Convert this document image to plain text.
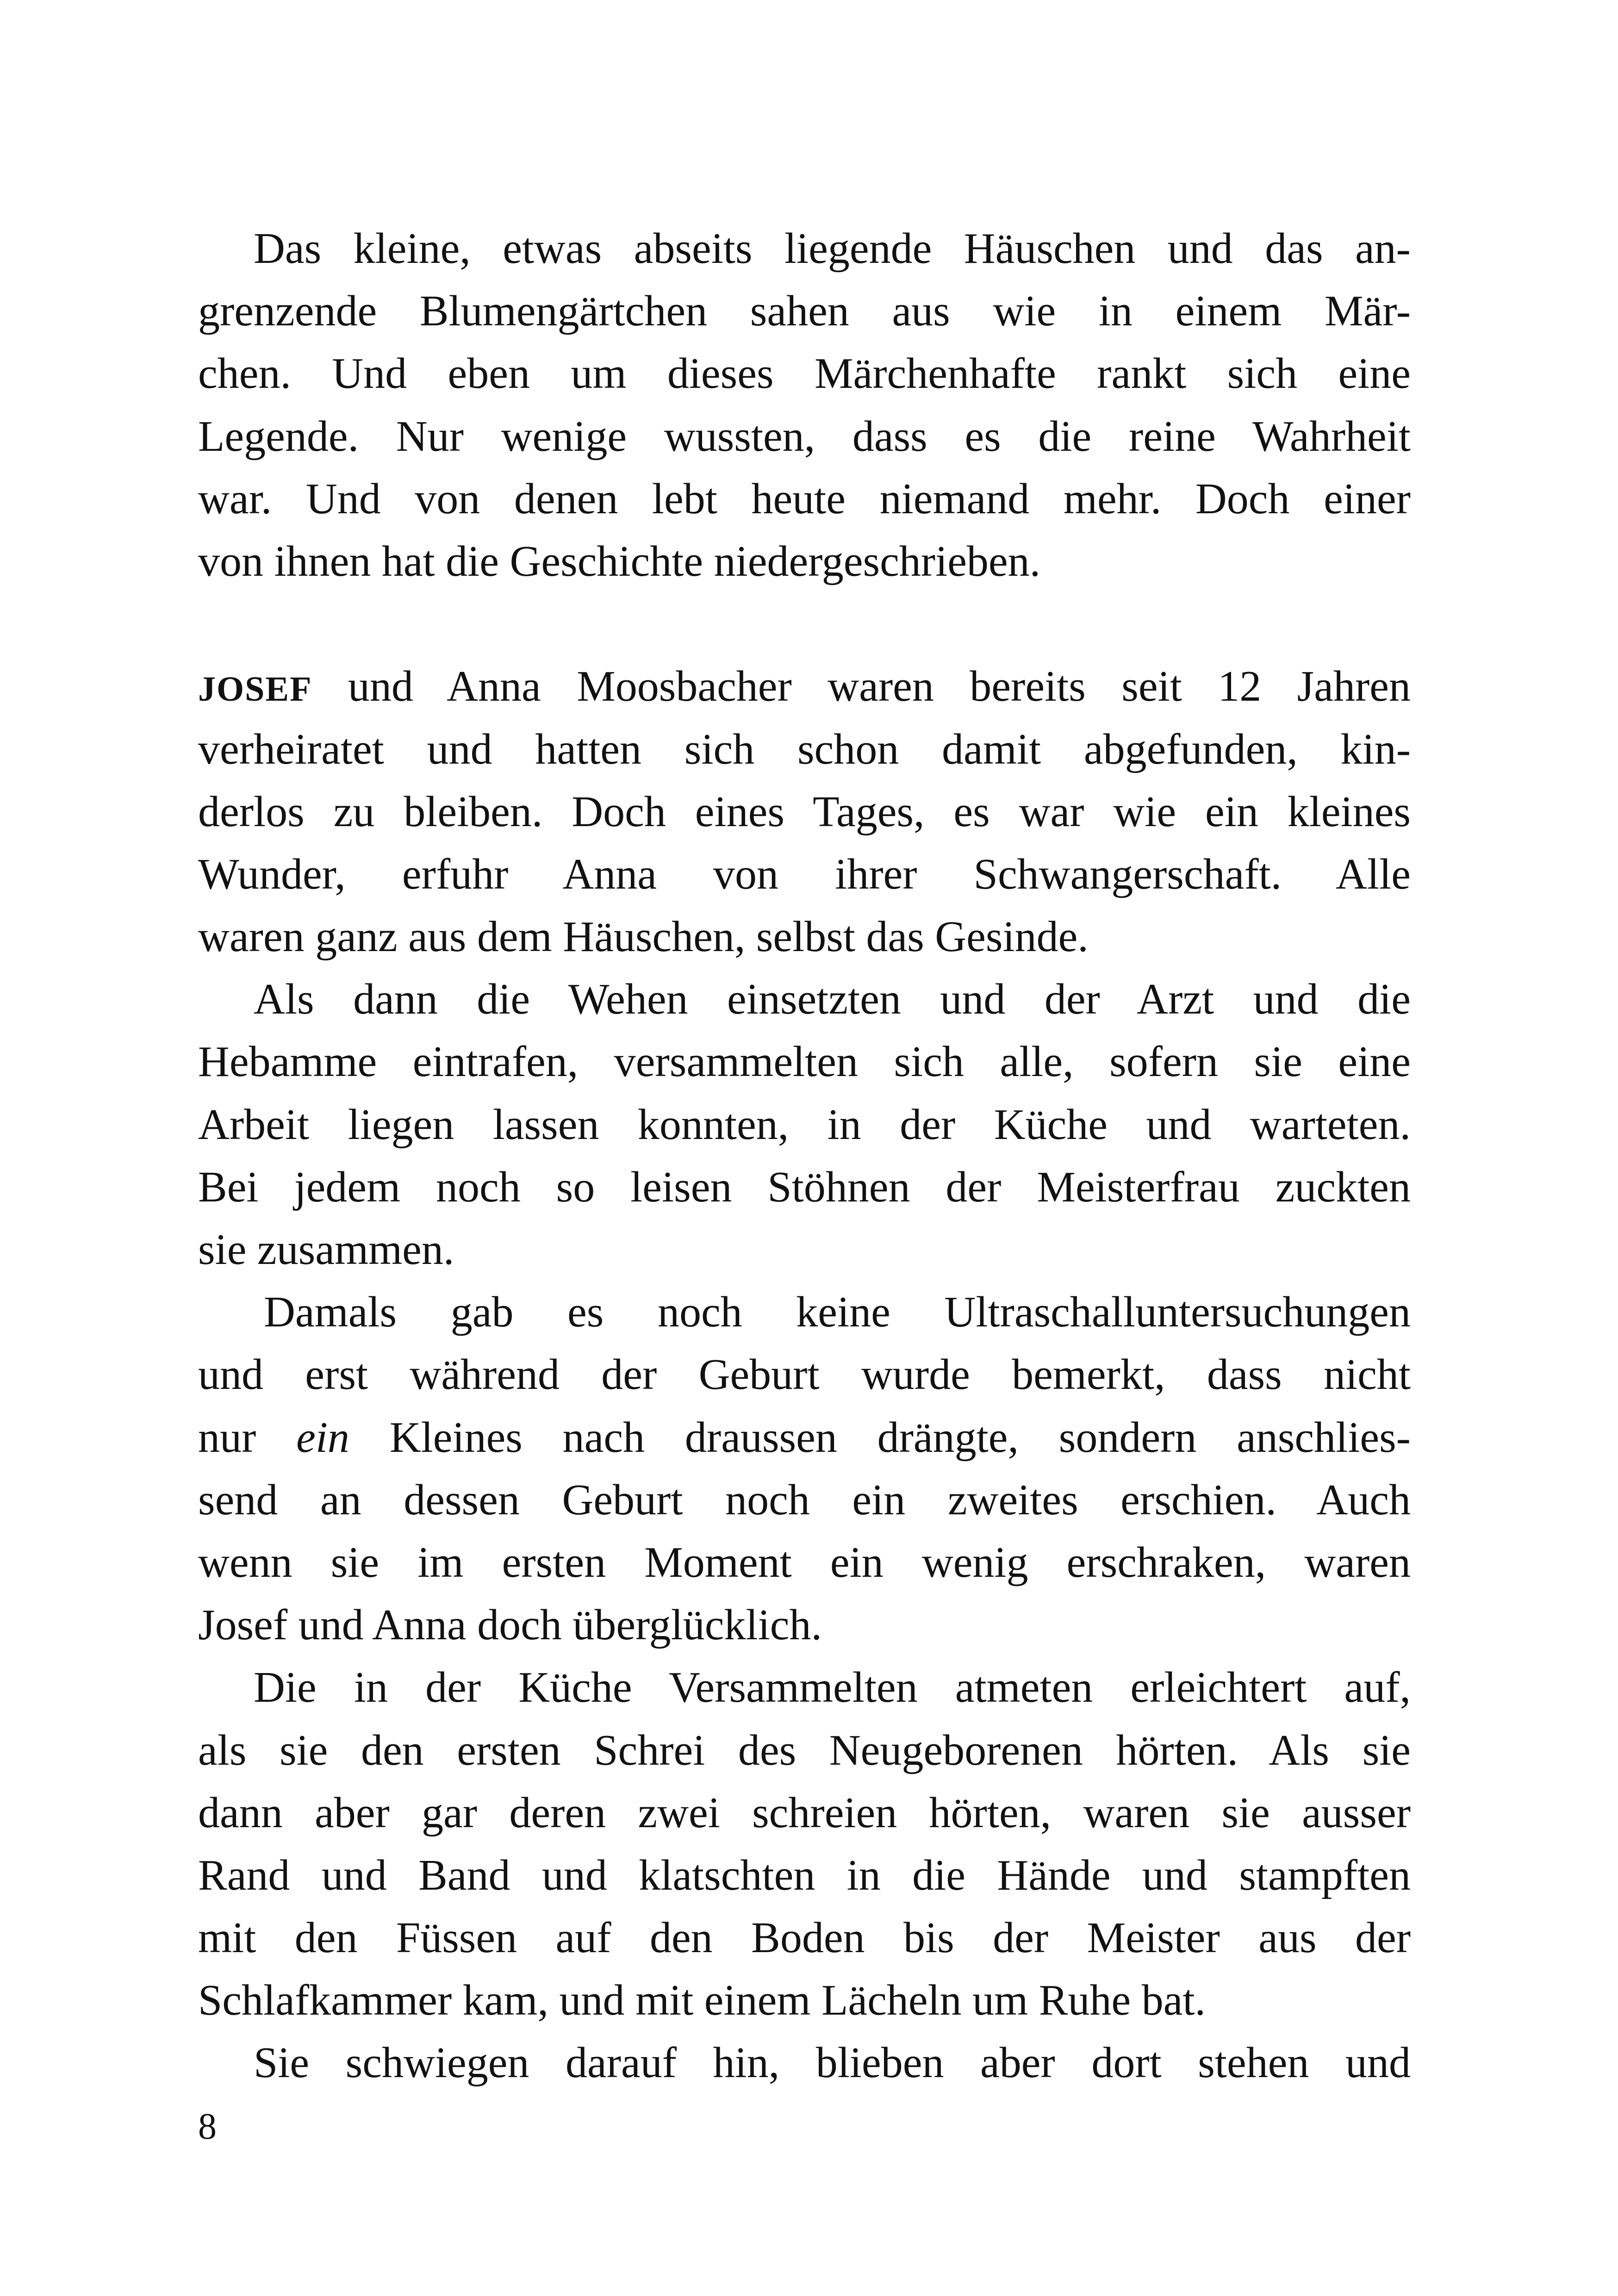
Das kleine, etwas abseits liegende Häuschen und das an-
grenzende Blumengärtchen sahen aus wie in einem Mär-
chen. Und eben um dieses Märchenhafte rankt sich eine
Legende. Nur wenige wussten, dass es die reine Wahrheit
war. Und von denen lebt heute niemand mehr. Doch einer
von ihnen hat die Geschichte niedergeschrieben.
JOSEF und Anna Moosbacher waren bereits seit 12 Jahren
verheiratet und hatten sich schon damit abgefunden, kin-
derlos zu bleiben. Doch eines Tages, es war wie ein kleines
Wunder, erfuhr Anna von ihrer Schwangerschaft. Alle
waren ganz aus dem Häuschen, selbst das Gesinde.
Als dann die Wehen einsetzten und der Arzt und die
Hebamme eintrafen, versammelten sich alle, sofern sie eine
Arbeit liegen lassen konnten, in der Küche und warteten.
Bei jedem noch so leisen Stöhnen der Meisterfrau zuckten
sie zusammen.
Damals gab es noch keine Ultraschalluntersuchungen
und erst während der Geburt wurde bemerkt, dass nicht
nur ein Kleines nach draussen drängte, sondern anschlies-
send an dessen Geburt noch ein zweites erschien. Auch
wenn sie im ersten Moment ein wenig erschraken, waren
Josef und Anna doch überglücklich.
Die in der Küche Versammelten atmeten erleichtert auf,
als sie den ersten Schrei des Neugeborenen hörten. Als sie
dann aber gar deren zwei schreien hörten, waren sie ausser
Rand und Band und klatschten in die Hände und stampften
mit den Füssen auf den Boden bis der Meister aus der
Schlafkammer kam, und mit einem Lächeln um Ruhe bat.
Sie schwiegen darauf hin, blieben aber dort stehen und
8
